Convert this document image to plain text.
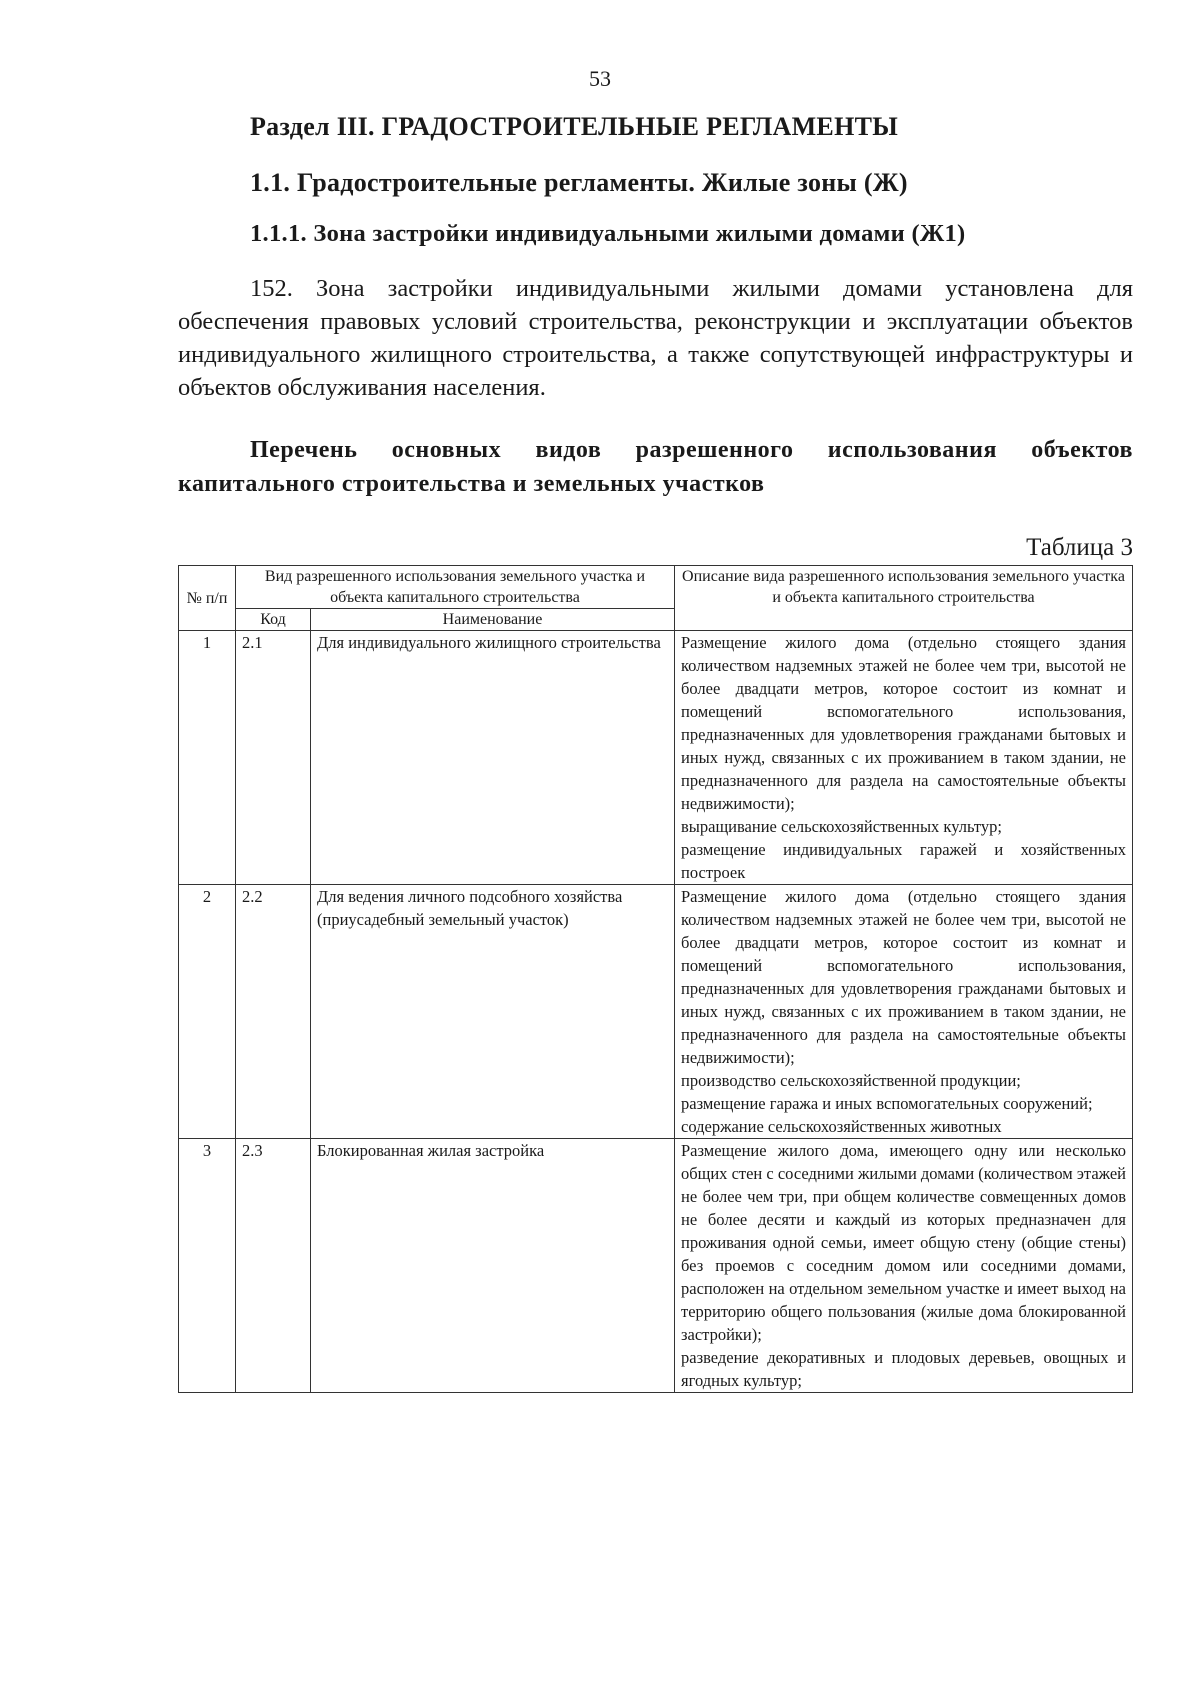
53
Раздел III. ГРАДОСТРОИТЕЛЬНЫЕ РЕГЛАМЕНТЫ
1.1. Градостроительные регламенты. Жилые зоны (Ж)
1.1.1. Зона застройки индивидуальными жилыми домами (Ж1)
152. Зона застройки индивидуальными жилыми домами установлена для обеспечения правовых условий строительства, реконструкции и эксплуатации объектов индивидуального жилищного строительства, а также сопутствующей инфраструктуры и объектов обслуживания населения.
Перечень основных видов разрешенного использования объектов капитального строительства и земельных участков
Таблица 3
№ п/п	Вид разрешенного использования земельного участка и объекта капитального строительства		Описание вида разрешенного использования земельного участка и объекта капитального строительства
	Код	Наименование	
1	2.1	Для индивидуального жилищного строительства	Размещение жилого дома (отдельно стоящего здания количеством надземных этажей не более чем три, высотой не более двадцати метров, которое состоит из комнат и помещений вспомогательного использования, предназначенных для удовлетворения гражданами бытовых и иных нужд, связанных с их проживанием в таком здании, не предназначенного для раздела на самостоятельные объекты недвижимости);
выращивание сельскохозяйственных культур;
размещение индивидуальных гаражей и хозяйственных построек

2	2.2	Для ведения личного подсобного хозяйства (приусадебный земельный участок)	Размещение жилого дома (отдельно стоящего здания количеством надземных этажей не более чем три, высотой не более двадцати метров, которое состоит из комнат и помещений вспомогательного использования, предназначенных для удовлетворения гражданами бытовых и иных нужд, связанных с их проживанием в таком здании, не предназначенного для раздела на самостоятельные объекты недвижимости);
производство сельскохозяйственной продукции;
размещение гаража и иных вспомогательных сооружений;
содержание сельскохозяйственных животных

3	2.3	Блокированная жилая застройка	Размещение жилого дома, имеющего одну или несколько общих стен с соседними жилыми домами (количеством этажей не более чем три, при общем количестве совмещенных домов не более десяти и каждый из которых предназначен для проживания одной семьи, имеет общую стену (общие стены) без проемов с соседним домом или соседними домами, расположен на отдельном земельном участке и имеет выход на территорию общего пользования (жилые дома блокированной застройки);
разведение декоративных и плодовых деревьев, овощных и ягодных культур;
